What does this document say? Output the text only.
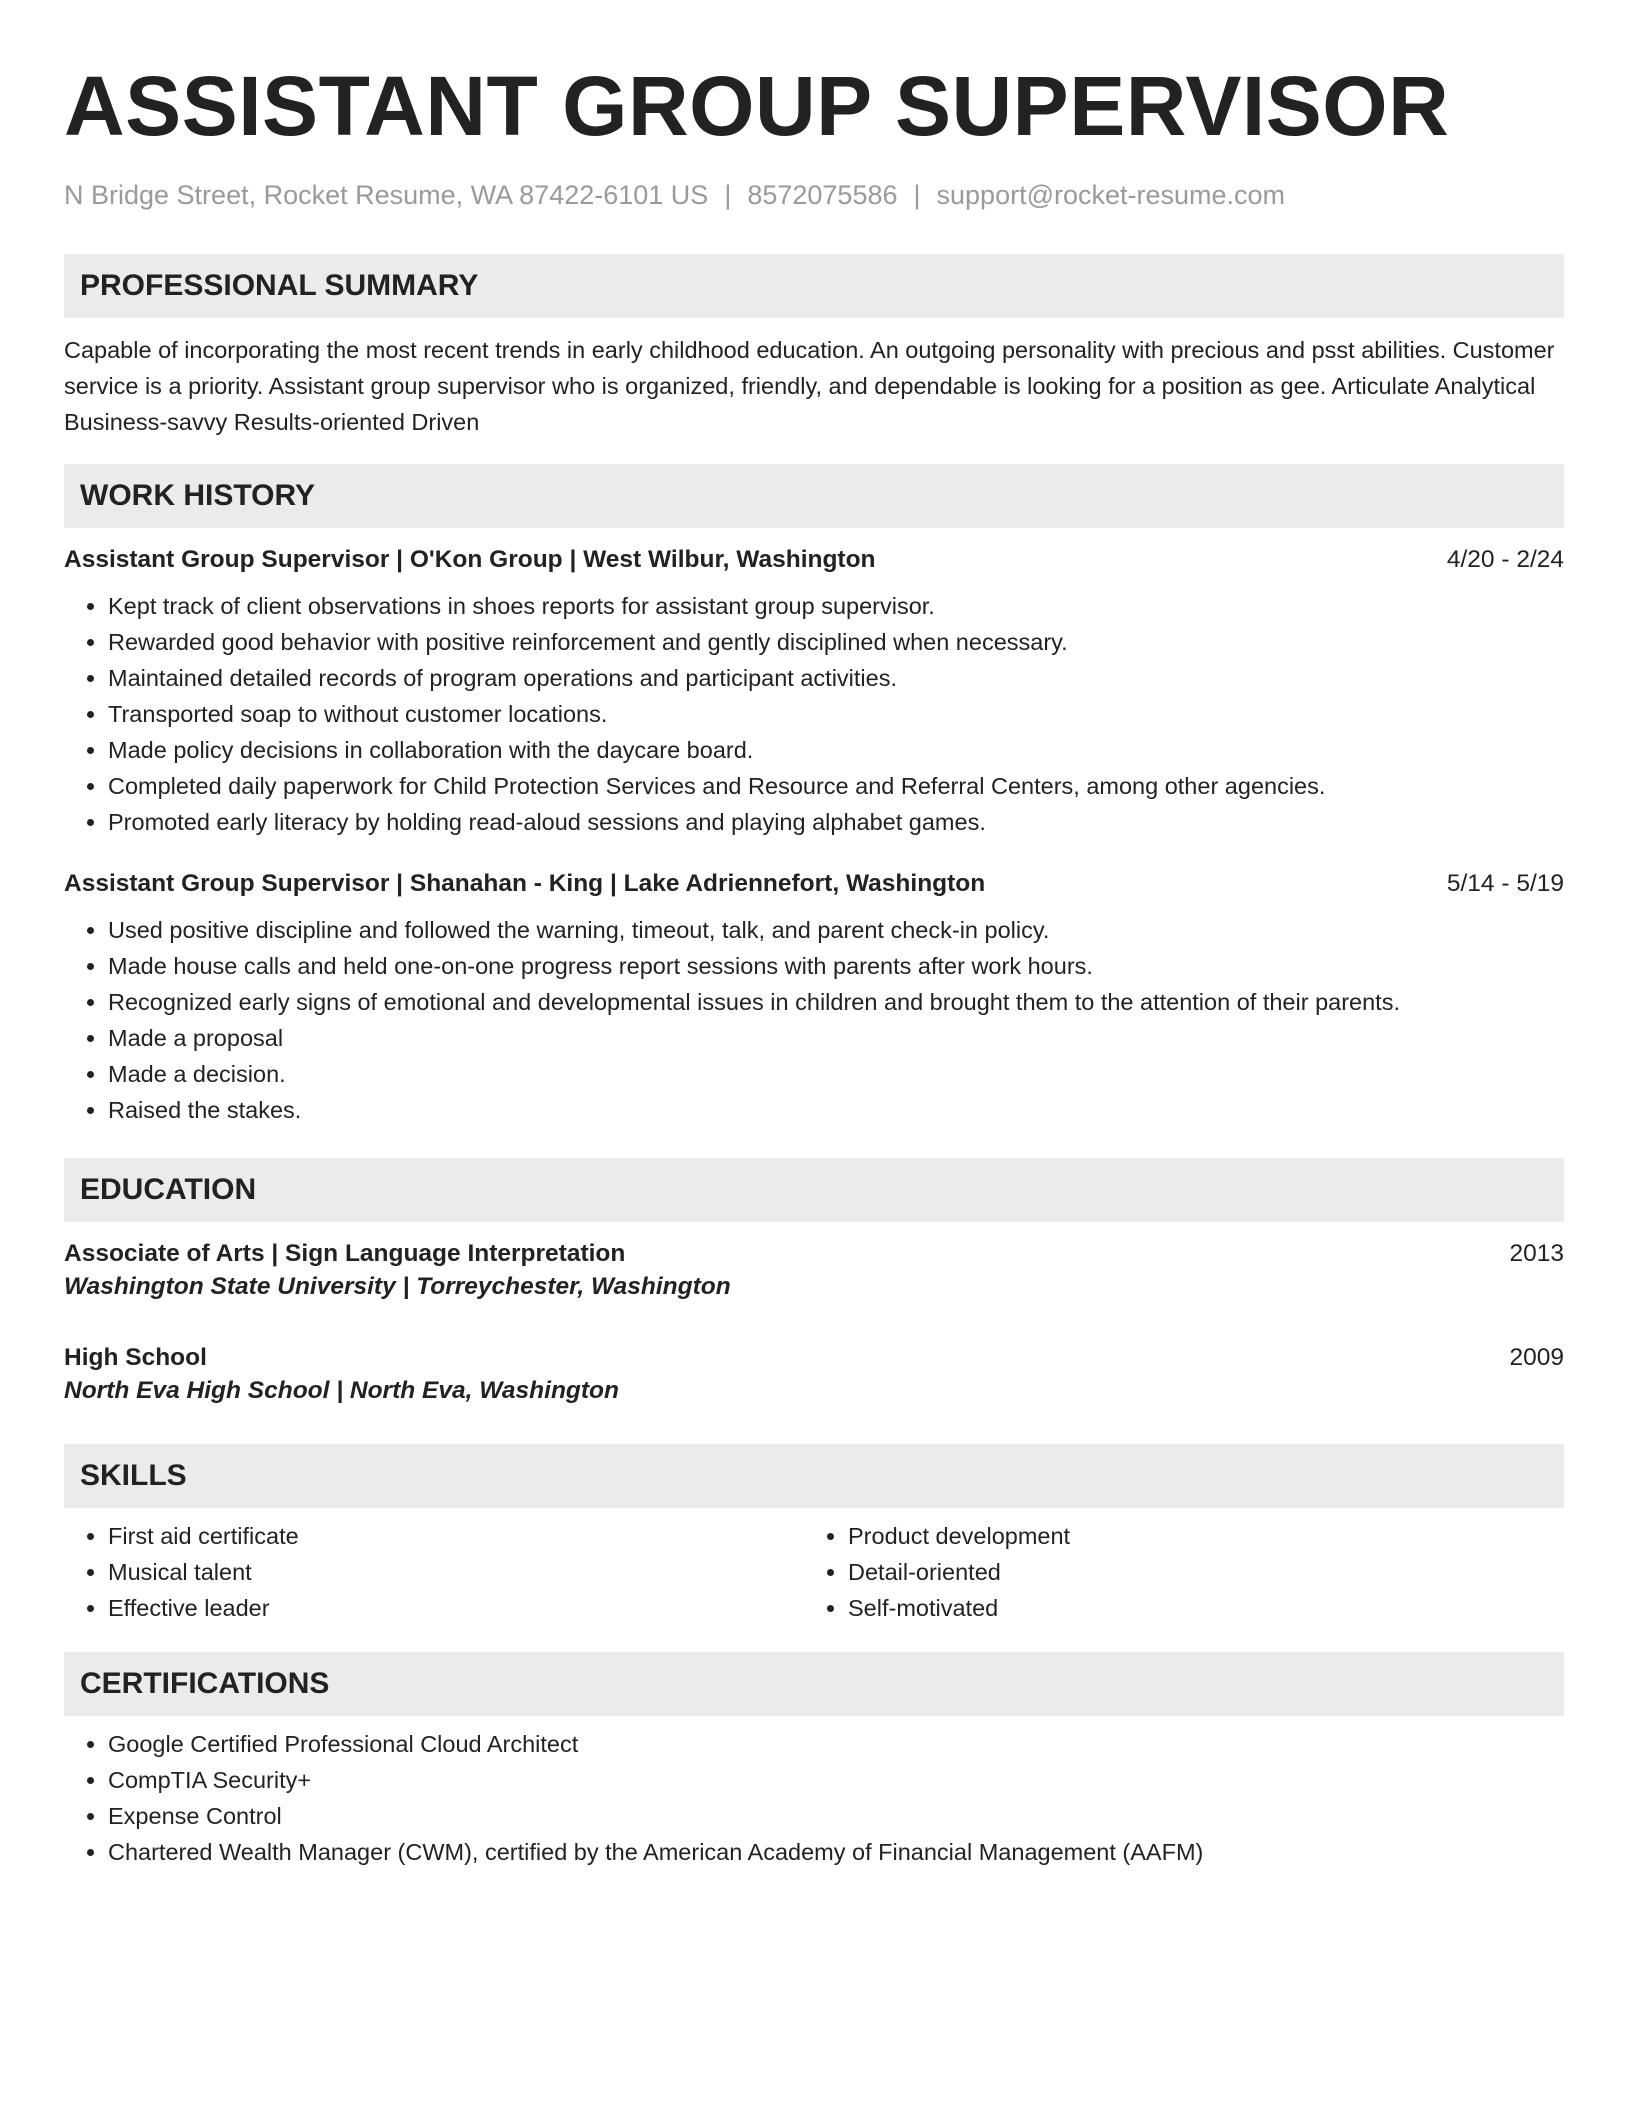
ASSISTANT GROUP SUPERVISOR
N Bridge Street, Rocket Resume, WA 87422-6101 US | 8572075586 | support@rocket-resume.com
PROFESSIONAL SUMMARY
Capable of incorporating the most recent trends in early childhood education. An outgoing personality with precious and psst abilities. Customer service is a priority. Assistant group supervisor who is organized, friendly, and dependable is looking for a position as gee. Articulate Analytical Business-savvy Results-oriented Driven
WORK HISTORY
Assistant Group Supervisor | O'Kon Group | West Wilbur, Washington	4/20 - 2/24
• Kept track of client observations in shoes reports for assistant group supervisor.
• Rewarded good behavior with positive reinforcement and gently disciplined when necessary.
• Maintained detailed records of program operations and participant activities.
• Transported soap to without customer locations.
• Made policy decisions in collaboration with the daycare board.
• Completed daily paperwork for Child Protection Services and Resource and Referral Centers, among other agencies.
• Promoted early literacy by holding read-aloud sessions and playing alphabet games.
Assistant Group Supervisor | Shanahan - King | Lake Adriennefort, Washington	5/14 - 5/19
• Used positive discipline and followed the warning, timeout, talk, and parent check-in policy.
• Made house calls and held one-on-one progress report sessions with parents after work hours.
• Recognized early signs of emotional and developmental issues in children and brought them to the attention of their parents.
• Made a proposal
• Made a decision.
• Raised the stakes.
EDUCATION
Associate of Arts | Sign Language Interpretation	2013
Washington State University | Torreychester, Washington
High School	2009
North Eva High School | North Eva, Washington
SKILLS
• First aid certificate
• Musical talent
• Effective leader
• Product development
• Detail-oriented
• Self-motivated
CERTIFICATIONS
• Google Certified Professional Cloud Architect
• CompTIA Security+
• Expense Control
• Chartered Wealth Manager (CWM), certified by the American Academy of Financial Management (AAFM)
